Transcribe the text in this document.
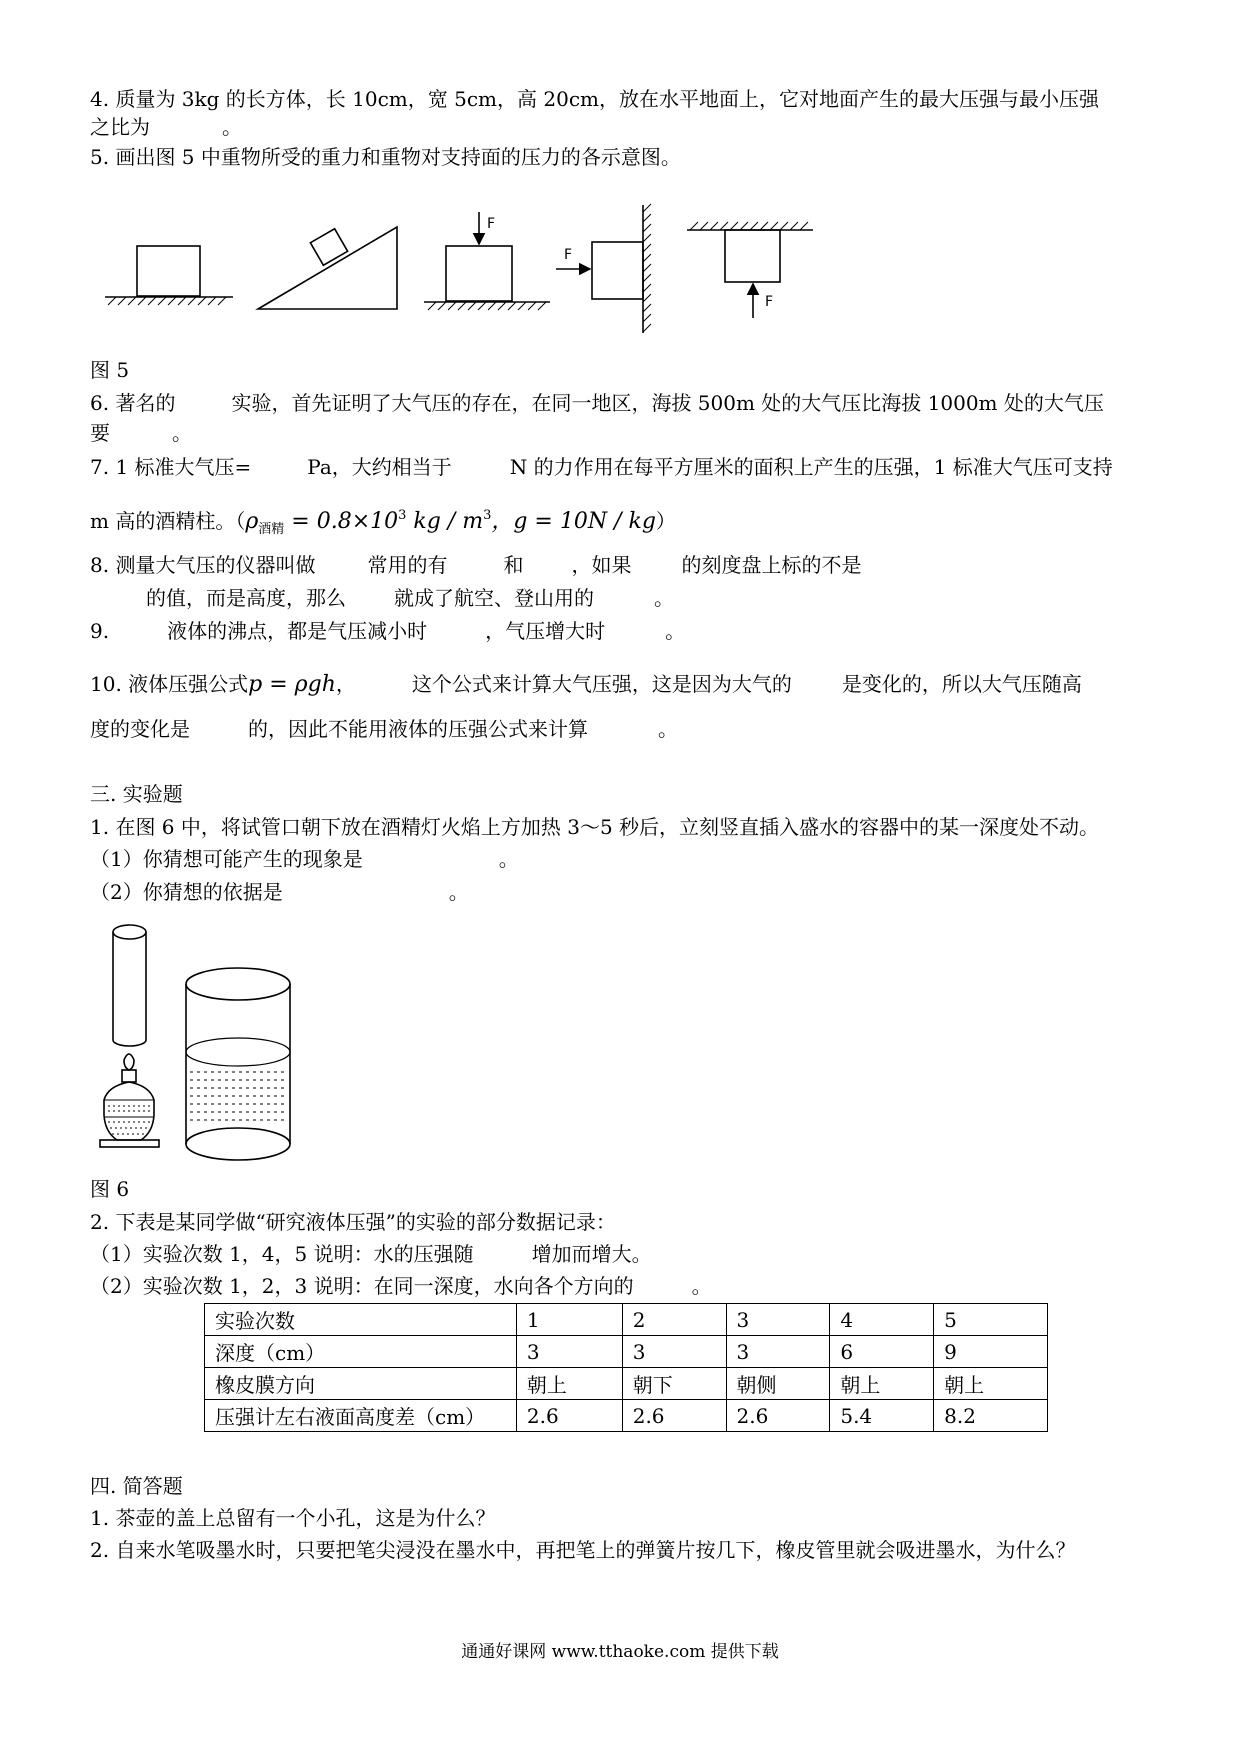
4. 质量为 3kg 的长方体，长 10cm，宽 5cm，高 20cm，放在水平地面上，它对地面产生的最大压强与最小压强
之比为	。
5. 画出图 5 中重物所受的重力和重物对支持面的压力的各示意图。
F
F
F
图 5
6. 著名的	实验，首先证明了大气压的存在，在同一地区，海拔 500m 处的大气压比海拔 1000m 处的大气压
要	。
7. 1 标准大气压=	Pa，大约相当于	N 的力作用在每平方厘米的面积上产生的压强，1 标准大气压可支持
m 高的酒精柱。（$\rho_{酒精} = 0.8\times 10^3$ kg / $m^3$，g = 10N / kg）
8. 测量大气压的仪器叫做	常用的有	和 ，如果	的刻度盘上标的不是
的值，而是高度，那么 就成了航空、登山用的	。
9.	液体的沸点，都是气压减小时	，气压增大时	。
10. 液体压强公式p = ρgh，	这个公式来计算大气压强，这是因为大气的	是变化的，所以大气压随高
度的变化是	的，因此不能用液体的压强公式来计算	。
三. 实验题
1. 在图 6 中，将试管口朝下放在酒精灯火焰上方加热 3～5 秒后，立刻竖直插入盛水的容器中的某一深度处不动。
（1）你猜想可能产生的现象是	。
（2）你猜想的依据是	。
图 6
2. 下表是某同学做“研究液体压强”的实验的部分数据记录：
（1）实验次数 1，4，5 说明：水的压强随	增加而增大。
（2）实验次数 1，2，3 说明：在同一深度，水向各个方向的	。
实验次数	1	2	3	4	5
深度（cm）	3	3	3	6	9
橡皮膜方向	朝上	朝下	朝侧	朝上	朝上
压强计左右液面高度差（cm）	2.6	2.6	2.6	5.4	8.2
四. 简答题
1. 茶壶的盖上总留有一个小孔，这是为什么？
2. 自来水笔吸墨水时，只要把笔尖浸没在墨水中，再把笔上的弹簧片按几下，橡皮管里就会吸进墨水，为什么？
通通好课网 www.tthaoke.com 提供下载
